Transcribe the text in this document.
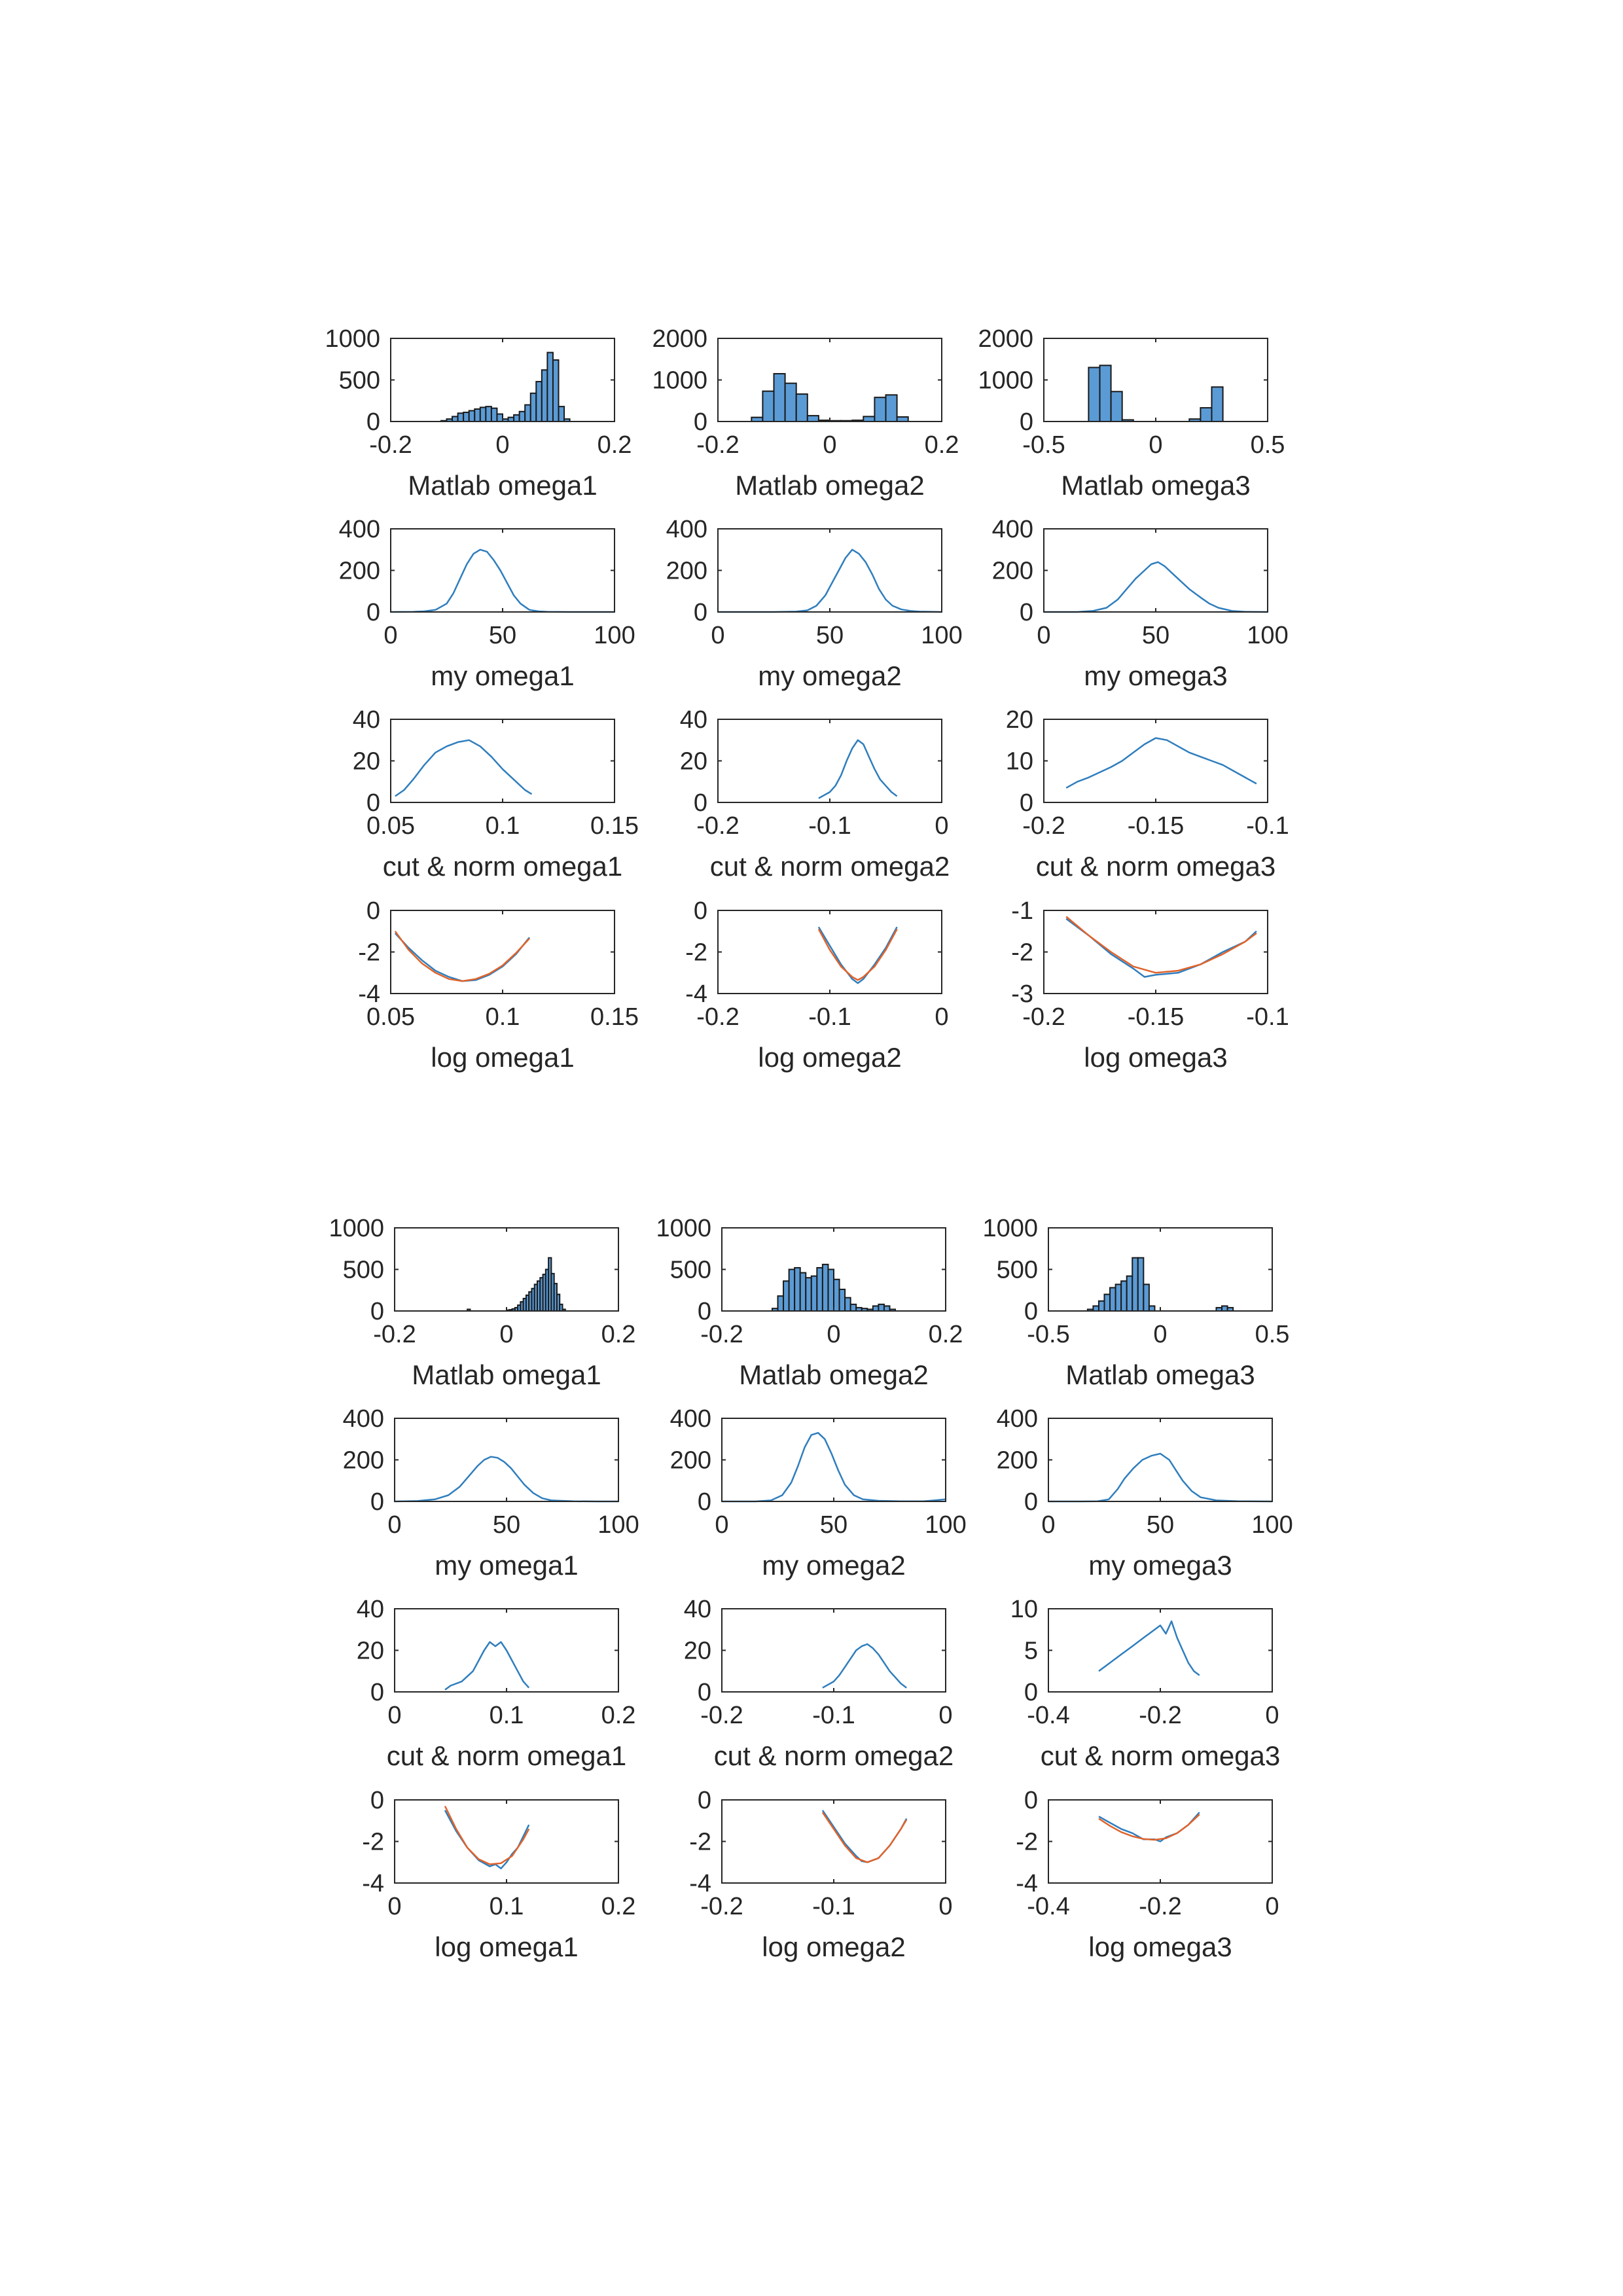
-0.2	0	0.2
0
500
1000
Matlab omega1
-0.2	0	0.2
0
1000
2000
Matlab omega2
-0.5	0	0.5
0
1000
2000
Matlab omega3
0	50	100
0
200
400
my omega1
0	50	100
0
200
400
my omega2
0	50	100
0
200
400
my omega3
0.05	0.1	0.15
0
20
40
cut & norm omega1
-0.2	-0.1	0
0
20
40
cut & norm omega2
-0.2 -0.15 -0.1
0
10
20
cut & norm omega3
0.05	0.1	0.15
-4
-2
0
log omega1
-0.2	-0.1	0
-4
-2
0
log omega2
-0.2 -0.15 -0.1
-3
-2
-1
log omega3
-0.2	0	0.2
0
500
1000
Matlab omega1
-0.2	0	0.2
0
500
1000
Matlab omega2
-0.5	0	0.5
0
500
1000
Matlab omega3
0	50	100
0
200
400
my omega1
0	50	100
0
200
400
my omega2
0	50	100
0
200
400
my omega3
0	0.1	0.2
0
20
40
cut & norm omega1
-0.2	-0.1	0
0
20
40
cut & norm omega2
-0.4	-0.2	0
0
5
10
cut & norm omega3
0	0.1	0.2
-4
-2
0
log omega1
-0.2	-0.1	0
-4
-2
0
log omega2
-0.4	-0.2	0
-4
-2
0
log omega3
